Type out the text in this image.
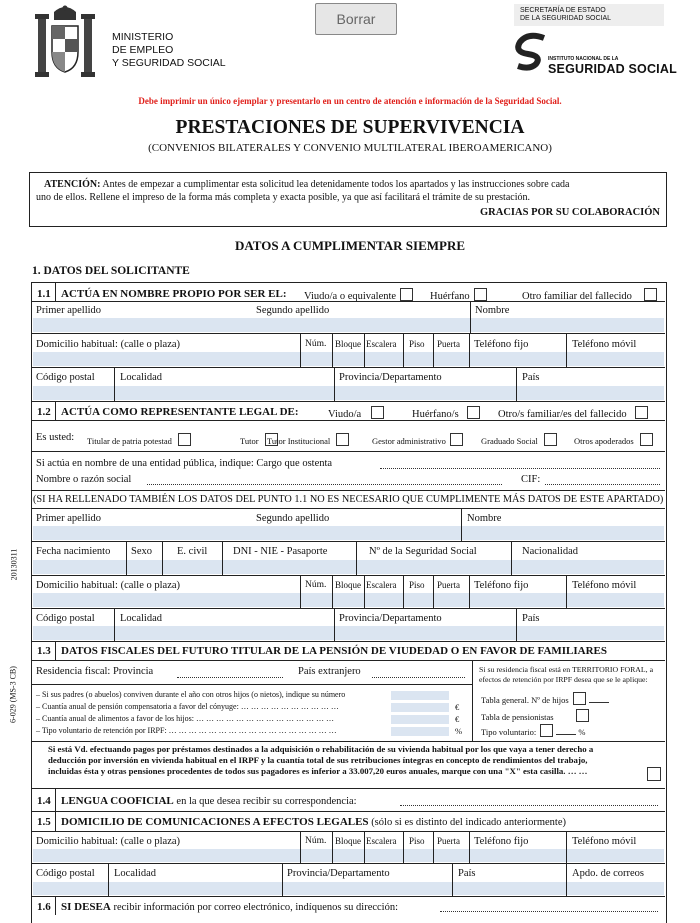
MINISTERIO
DE EMPLEO
Y SEGURIDAD SOCIAL
Borrar
SECRETARÍA DE ESTADO
DE LA SEGURIDAD SOCIAL
INSTITUTO NACIONAL DE LA
SEGURIDAD SOCIAL
Debe imprimir un único ejemplar y presentarlo en un centro de atención e información de la Seguridad Social.
PRESTACIONES DE SUPERVIVENCIA
(CONVENIOS BILATERALES Y CONVENIO MULTILATERAL IBEROAMERICANO)
ATENCIÓN: Antes de empezar a cumplimentar esta solicitud lea detenidamente todos los apartados y las instrucciones sobre cada
uno de ellos. Rellene el impreso de la forma más completa y exacta posible, ya que así facilitará el trámite de su prestación.
GRACIAS POR SU COLABORACIÓN
DATOS A CUMPLIMENTAR SIEMPRE
1. DATOS DEL SOLICITANTE
1.1 ACTÚA EN NOMBRE PROPIO POR SER EL: Viudo/a o equivalente	Huérfano	Otro familiar del fallecido
Primer apellido	Segundo apellido	Nombre
Domicilio habitual: (calle o plaza)	Núm. Bloque Escalera Piso Puerta Teléfono fijo	Teléfono móvil
Código postal Localidad	Provincia/Departamento	País
1.2 ACTÚA COMO REPRESENTANTE LEGAL DE:	Viudo/a	Huérfano/s	Otro/s familiar/es del fallecido
Es usted: Titular de patria potestad	Tutor Tutor Institucional	Gestor administrativo	Graduado Social	Otros apoderados
Si actúa en nombre de una entidad pública, indique: Cargo que ostenta
Nombre o razón social	CIF:
(SI HA RELLENADO TAMBIÉN LOS DATOS DEL PUNTO 1.1 NO ES NECESARIO QUE CUMPLIMENTE MÁS DATOS DE ESTE APARTADO)
Primer apellido	Segundo apellido	Nombre
Fecha nacimiento Sexo E. civil DNI - NIE - Pasaporte	Nº de la Seguridad Social	Nacionalidad
Domicilio habitual: (calle o plaza)	Núm. Bloque Escalera Piso Puerta Teléfono fijo	Teléfono móvil
Código postal Localidad	Provincia/Departamento	País
1.3 DATOS FISCALES DEL FUTURO TITULAR DE LA PENSIÓN DE VIUDEDAD O EN FAVOR DE FAMILIARES
Residencia fiscal: Provincia	País extranjero	Si su residencia fiscal está en TERRITORIO FORAL, a
efectos de retención por IRPF desea que se le aplique:
– Si sus padres (o abuelos) conviven durante el año con otros hijos (o nietos), indique su número
– Cuantía anual de pensión compensatoria a favor del cónyuge: … … … … … … … … … …	€
– Cuantía anual de alimentos a favor de los hijos: … … … … … … … … … … … … … …	€
– Tipo voluntario de retención por IRPF: … … … … … … … … … … … … … … … … …	%
Tabla general. Nº de hijos
Tabla de pensionistas
Tipo voluntario:	%
Si está Vd. efectuando pagos por préstamos destinados a la adquisición o rehabilitación de su vivienda habitual por los que vaya a tener derecho a
deducción por inversión en vivienda habitual en el IRPF y la cuantía total de sus retribuciones íntegras en concepto de rendimientos del trabajo,
incluidas ésta y otras pensiones procedentes de todos sus pagadores es inferior a 33.007,20 euros anuales, marque con una "X" esta casilla. … …
1.4 LENGUA COOFICIAL en la que desea recibir su correspondencia:
1.5 DOMICILIO DE COMUNICACIONES A EFECTOS LEGALES (sólo si es distinto del indicado anteriormente)
Domicilio habitual: (calle o plaza)	Núm. Bloque Escalera Piso Puerta Teléfono fijo	Teléfono móvil
Código postal Localidad	Provincia/Departamento	País	Apdo. de correos
1.6 SI DESEA recibir información por correo electrónico, indíquenos su dirección:
20130311
6-029 (MS-3 CB)
